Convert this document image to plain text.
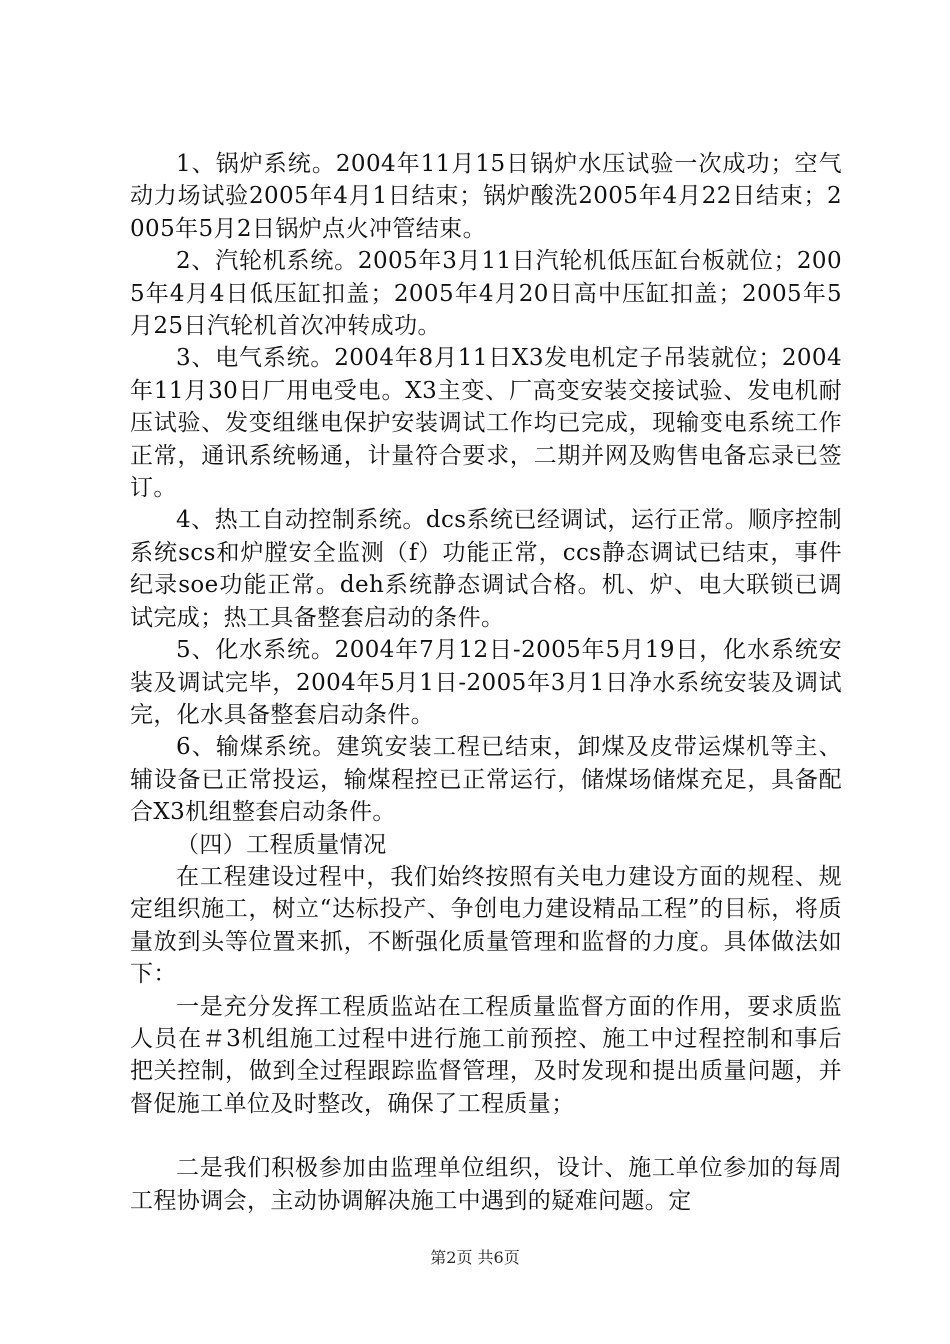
1、锅炉系统。2004年11月15日锅炉水压试验一次成功；空气动力场试验2005年4月1日结束；锅炉酸洗2005年4月22日结束；2005年5月2日锅炉点火冲管结束。

2、汽轮机系统。2005年3月11日汽轮机低压缸台板就位；2005年4月4日低压缸扣盖；2005年4月20日高中压缸扣盖；2005年5月25日汽轮机首次冲转成功。

3、电气系统。2004年8月11日X3发电机定子吊装就位；2004年11月30日厂用电受电。X3主变、厂高变安装交接试验、发电机耐压试验、发变组继电保护安装调试工作均已完成，现输变电系统工作正常，通讯系统畅通，计量符合要求，二期并网及购售电备忘录已签订。

4、热工自动控制系统。dcs系统已经调试，运行正常。顺序控制系统scs和炉膛安全监测（f）功能正常，ccs静态调试已结束，事件纪录soe功能正常。deh系统静态调试合格。机、炉、电大联锁已调试完成；热工具备整套启动的条件。

5、化水系统。2004年7月12日-2005年5月19日，化水系统安装及调试完毕，2004年5月1日-2005年3月1日净水系统安装及调试完，化水具备整套启动条件。

6、输煤系统。建筑安装工程已结束，卸煤及皮带运煤机等主、辅设备已正常投运，输煤程控已正常运行，储煤场储煤充足，具备配合X3机组整套启动条件。

（四）工程质量情况

在工程建设过程中，我们始终按照有关电力建设方面的规程、规定组织施工，树立“达标投产、争创电力建设精品工程”的目标，将质量放到头等位置来抓，不断强化质量管理和监督的力度。具体做法如下：

一是充分发挥工程质监站在工程质量监督方面的作用，要求质监人员在＃3机组施工过程中进行施工前预控、施工中过程控制和事后把关控制，做到全过程跟踪监督管理，及时发现和提出质量问题，并督促施工单位及时整改，确保了工程质量；

二是我们积极参加由监理单位组织，设计、施工单位参加的每周工程协调会，主动协调解决施工中遇到的疑难问题。定

第2页 共6页
